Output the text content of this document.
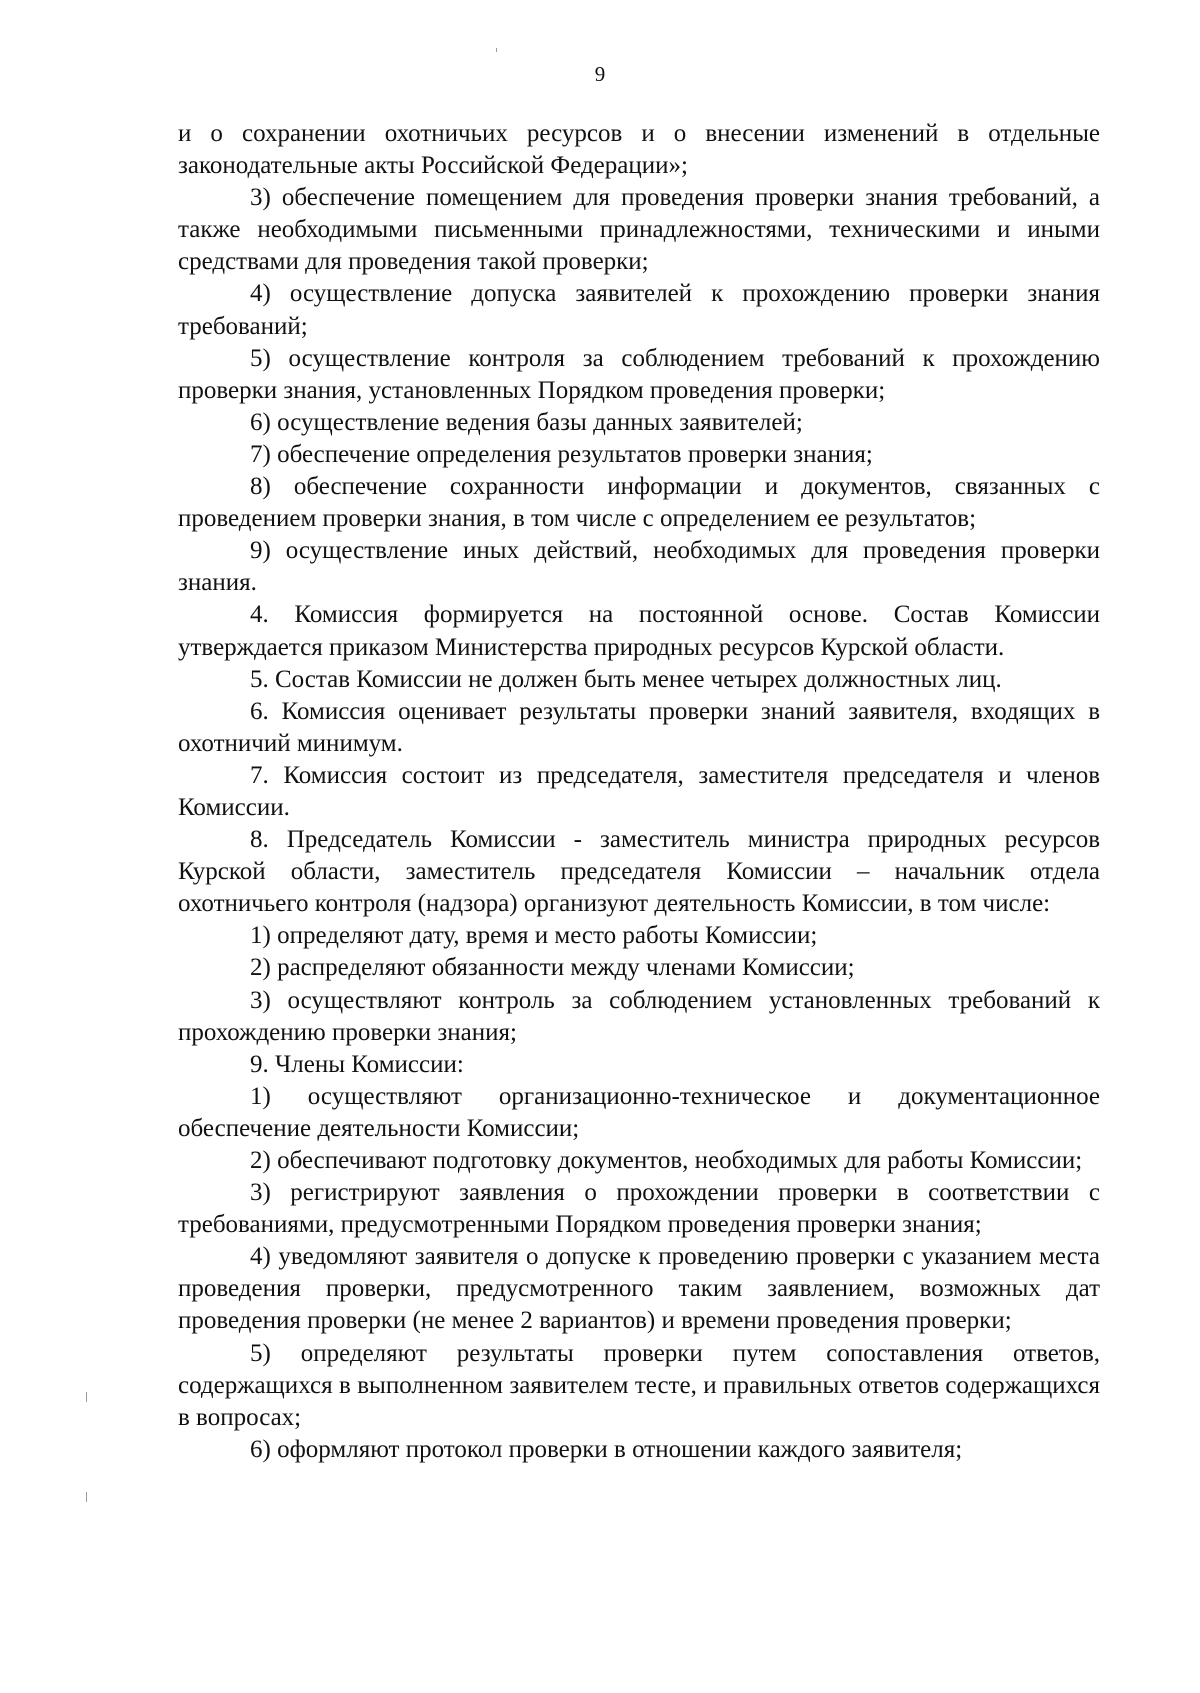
9

и о сохранении охотничьих ресурсов и о внесении изменений в отдельные законодательные акты Российской Федерации»;

3) обеспечение помещением для проведения проверки знания требований, а также необходимыми письменными принадлежностями, техническими и иными средствами для проведения такой проверки;

4) осуществление допуска заявителей к прохождению проверки знания требований;

5) осуществление контроля за соблюдением требований к прохождению проверки знания, установленных Порядком проведения проверки;

6) осуществление ведения базы данных заявителей;

7) обеспечение определения результатов проверки знания;

8) обеспечение сохранности информации и документов, связанных с проведением проверки знания, в том числе с определением ее результатов;

9) осуществление иных действий, необходимых для проведения проверки знания.

4. Комиссия формируется на постоянной основе. Состав Комиссии утверждается приказом Министерства природных ресурсов Курской области.

5. Состав Комиссии не должен быть менее четырех должностных лиц.

6. Комиссия оценивает результаты проверки знаний заявителя, входящих в охотничий минимум.

7. Комиссия состоит из председателя, заместителя председателя и членов Комиссии.

8. Председатель Комиссии - заместитель министра природных ресурсов Курской области, заместитель председателя Комиссии – начальник отдела охотничьего контроля (надзора) организуют деятельность Комиссии, в том числе:

1) определяют дату, время и место работы Комиссии;

2) распределяют обязанности между членами Комиссии;

3) осуществляют контроль за соблюдением установленных требований к прохождению проверки знания;

9. Члены Комиссии:

1) осуществляют организационно-техническое и документационное обеспечение деятельности Комиссии;

2) обеспечивают подготовку документов, необходимых для работы Комиссии;

3) регистрируют заявления о прохождении проверки в соответствии с требованиями, предусмотренными Порядком проведения проверки знания;

4) уведомляют заявителя о допуске к проведению проверки с указанием места проведения проверки, предусмотренного таким заявлением, возможных дат проведения проверки (не менее 2 вариантов) и времени проведения проверки;

5) определяют результаты проверки путем сопоставления ответов, содержащихся в выполненном заявителем тесте, и правильных ответов содержащихся в вопросах;

6) оформляют протокол проверки в отношении каждого заявителя;
